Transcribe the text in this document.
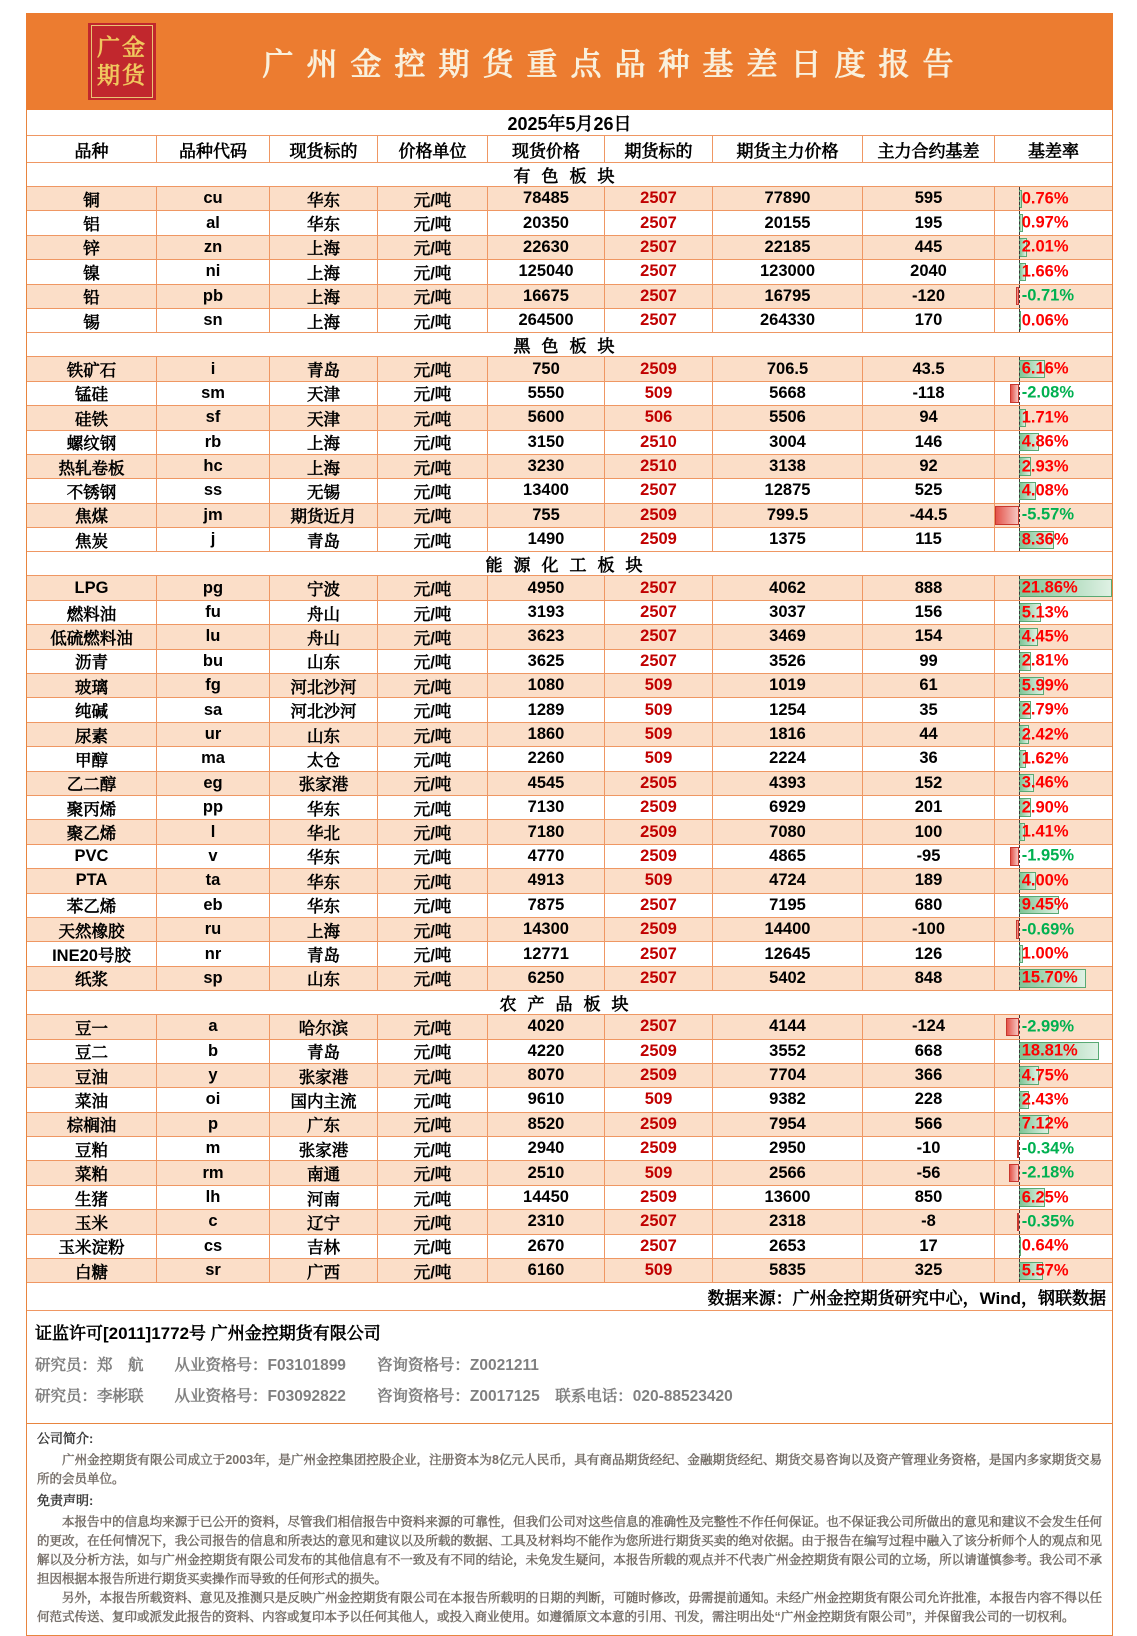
广金
期货	广州金控期货重点品种基差日度报告
2025年5月26日
品种	品种代码	现货标的	价格单位	现货价格	期货标的	期货主力价格	主力合约基差	基差率
有色板块
铜	cu	华东	元/吨	78485	2507	77890	595	0.76%
铝	al	华东	元/吨	20350	2507	20155	195	0.97%
锌	zn	上海	元/吨	22630	2507	22185	445	2.01%
镍	ni	上海	元/吨	125040	2507	123000	2040	1.66%
铅	pb	上海	元/吨	16675	2507	16795	-120	-0.71%
锡	sn	上海	元/吨	264500	2507	264330	170	0.06%
黑色板块
铁矿石	i	青岛	元/吨	750	2509	706.5	43.5	6.16%
锰硅	sm	天津	元/吨	5550	509	5668	-118	-2.08%
硅铁	sf	天津	元/吨	5600	506	5506	94	1.71%
螺纹钢	rb	上海	元/吨	3150	2510	3004	146	4.86%
热轧卷板	hc	上海	元/吨	3230	2510	3138	92	2.93%
不锈钢	ss	无锡	元/吨	13400	2507	12875	525	4.08%
焦煤	jm	期货近月	元/吨	755	2509	799.5	-44.5	-5.57%
焦炭	j	青岛	元/吨	1490	2509	1375	115	8.36%
能源化工板块
LPG	pg	宁波	元/吨	4950	2507	4062	888	21.86%
燃料油	fu	舟山	元/吨	3193	2507	3037	156	5.13%
低硫燃料油	lu	舟山	元/吨	3623	2507	3469	154	4.45%
沥青	bu	山东	元/吨	3625	2507	3526	99	2.81%
玻璃	fg	河北沙河	元/吨	1080	509	1019	61	5.99%
纯碱	sa	河北沙河	元/吨	1289	509	1254	35	2.79%
尿素	ur	山东	元/吨	1860	509	1816	44	2.42%
甲醇	ma	太仓	元/吨	2260	509	2224	36	1.62%
乙二醇	eg	张家港	元/吨	4545	2505	4393	152	3.46%
聚丙烯	pp	华东	元/吨	7130	2509	6929	201	2.90%
聚乙烯	l	华北	元/吨	7180	2509	7080	100	1.41%
PVC	v	华东	元/吨	4770	2509	4865	-95	-1.95%
PTA	ta	华东	元/吨	4913	509	4724	189	4.00%
苯乙烯	eb	华东	元/吨	7875	2507	7195	680	9.45%
天然橡胶	ru	上海	元/吨	14300	2509	14400	-100	-0.69%
INE20号胶	nr	青岛	元/吨	12771	2507	12645	126	1.00%
纸浆	sp	山东	元/吨	6250	2507	5402	848	15.70%
农产品板块
豆一	a	哈尔滨	元/吨	4020	2507	4144	-124	-2.99%
豆二	b	青岛	元/吨	4220	2509	3552	668	18.81%
豆油	y	张家港	元/吨	8070	2509	7704	366	4.75%
菜油	oi	国内主流	元/吨	9610	509	9382	228	2.43%
棕榈油	p	广东	元/吨	8520	2509	7954	566	7.12%
豆粕	m	张家港	元/吨	2940	2509	2950	-10	-0.34%
菜粕	rm	南通	元/吨	2510	509	2566	-56	-2.18%
生猪	lh	河南	元/吨	14450	2509	13600	850	6.25%
玉米	c	辽宁	元/吨	2310	2507	2318	-8	-0.35%
玉米淀粉	cs	吉林	元/吨	2670	2507	2653	17	0.64%
白糖	sr	广西	元/吨	6160	509	5835	325	5.57%
数据来源：广州金控期货研究中心，Wind，钢联数据
证监许可[2011]1772号 广州金控期货有限公司
研究员：郑　航　　从业资格号：F03101899　　咨询资格号：Z0021211
研究员：李彬联　　从业资格号：F03092822　　咨询资格号：Z0017125　联系电话：020-88523420
公司简介:

广州金控期货有限公司成立于2003年，是广州金控集团控股企业，注册资本为8亿元人民币，具有商品期货经纪、金融期货经纪、期货交易咨询以及资产管理业务资格，是国内多家期货交易所的会员单位。

免责声明:

本报告中的信息均来源于已公开的资料，尽管我们相信报告中资料来源的可靠性，但我们公司对这些信息的准确性及完整性不作任何保证。也不保证我公司所做出的意见和建议不会发生任何的更改，在任何情况下，我公司报告的信息和所表达的意见和建议以及所载的数据、工具及材料均不能作为您所进行期货买卖的绝对依据。由于报告在编写过程中融入了该分析师个人的观点和见解以及分析方法，如与广州金控期货有限公司发布的其他信息有不一致及有不同的结论，未免发生疑问，本报告所载的观点并不代表广州金控期货有限公司的立场，所以请谨慎参考。我公司不承担因根据本报告所进行期货买卖操作而导致的任何形式的损失。

另外，本报告所载资料、意见及推测只是反映广州金控期货有限公司在本报告所载明的日期的判断，可随时修改，毋需提前通知。未经广州金控期货有限公司允许批准，本报告内容不得以任何范式传送、复印或派发此报告的资料、内容或复印本予以任何其他人，或投入商业使用。如遵循原文本意的引用、刊发，需注明出处“广州金控期货有限公司”，并保留我公司的一切权利。
